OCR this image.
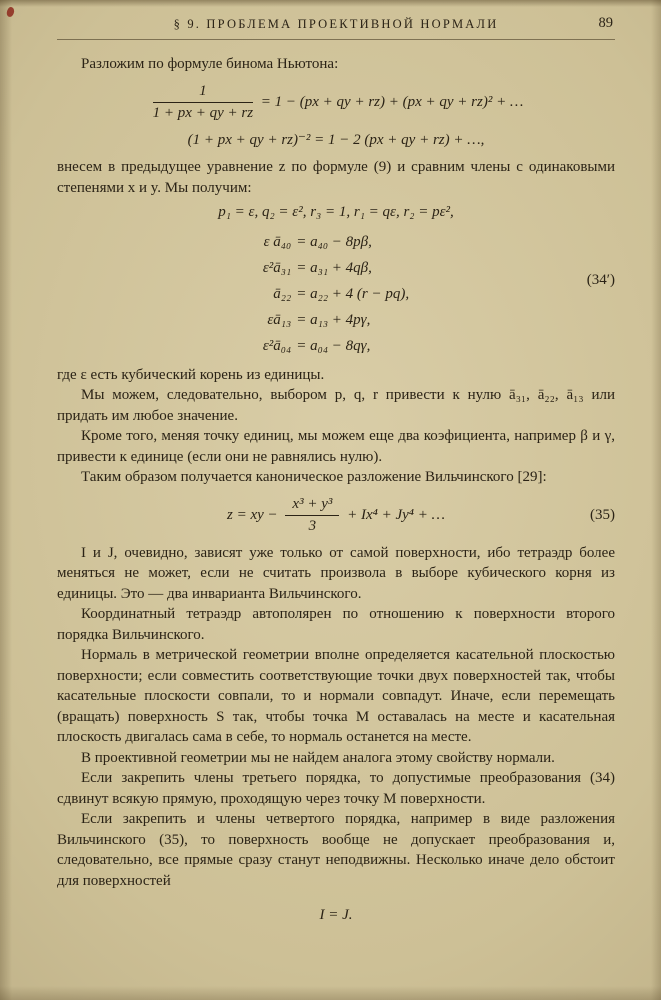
§ 9. ПРОБЛЕМА ПРОЕКТИВНОЙ НОРМАЛИ	89

Разложим по формуле бинома Ньютона:

$\frac{1}{1 + px + qy + rz} = 1 - (px$ + qy + rz) + (px + qy + rz)² + …
(1 + px + qy + rz)⁻² = 1 − 2 (px + qy + rz) + …,

внесем в предыдущее уравнение z по формуле (9) и сравним члены с одинаковыми степенями x и y. Мы получим:

p₁ = ε, q₂ = ε², r₃ = 1, r₁ = qε, r₂ = pε²,
ε ā₄₀	= a₄₀ − 8pβ,
ε²ā₃₁	= a₃₁ + 4qβ,
ā₂₂	= a₂₂ + 4 (r − pq),
εā₁₃	= a₁₃ + 4pγ,
ε²ā₀₄	= a₀₄ − 8qγ,
(34′)

где ε есть кубический корень из единицы.

Мы можем, следовательно, выбором p, q, r привести к нулю ā₃₁, ā₂₂, ā₁₃ или придать им любое значение.

Кроме того, меняя точку единиц, мы можем еще два коэфициента, например β и γ, привести к единице (если они не равнялись нулю).

Таким образом получается каноническое разложение Вильчинского [29]:

z = xy − $\frac{\text{x³ + y³}}{3} + Ix^4 + Jy^4$ + …	(35)

I и J, очевидно, зависят уже только от самой поверхности, ибо тетраэдр более меняться не может, если не считать произвола в выборе кубического корня из единицы. Это — два инварианта Вильчинского.

Координатный тетраэдр автополярен по отношению к поверхности второго порядка Вильчинского.

Нормаль в метрической геометрии вполне определяется касательной плоскостью поверхности; если совместить соответствующие точки двух поверхностей так, чтобы касательные плоскости совпали, то и нормали совпадут. Иначе, если перемещать (вращать) поверхность S так, чтобы точка M оставалась на месте и касательная плоскость двигалась сама в себе, то нормаль останется на месте.

В проективной геометрии мы не найдем аналога этому свойству нормали.

Если закрепить члены третьего порядка, то допустимые преобразования (34) сдвинут всякую прямую, проходящую через точку M поверхности.

Если закрепить и члены четвертого порядка, например в виде разложения Вильчинского (35), то поверхность вообще не допускает преобразования и, следовательно, все прямые сразу станут неподвижны. Несколько иначе дело обстоит для поверхностей

I = J.
